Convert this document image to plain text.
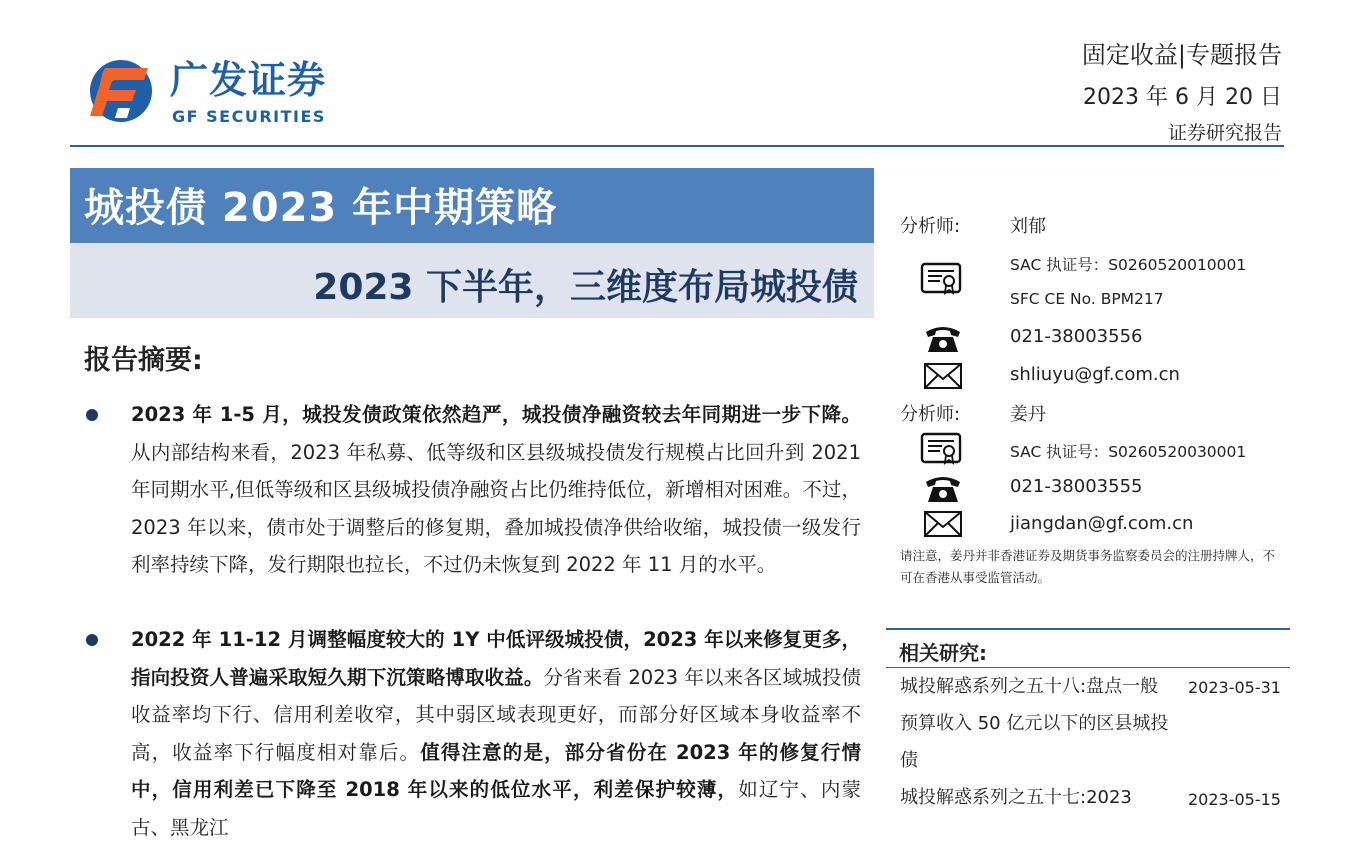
广发证券
GF SECURITIES
固定收益|专题报告
2023 年 6 月 20 日
证券研究报告
城投债 2023 年中期策略
2023 下半年，三维度布局城投债
报告摘要:
2023 年 1-5 月，城投发债政策依然趋严，城投债净融资较去年同期进一步下降。从内部结构来看，2023 年私募、低等级和区县级城投债发行规模占比回升到 2021 年同期水平,但低等级和区县级城投债净融资占比仍维持低位，新增相对困难。不过，2023 年以来，债市处于调整后的修复期，叠加城投债净供给收缩，城投债一级发行利率持续下降，发行期限也拉长，不过仍未恢复到 2022 年 11 月的水平。
2022 年 11-12 月调整幅度较大的 1Y 中低评级城投债，2023 年以来修复更多，指向投资人普遍采取短久期下沉策略博取收益。分省来看 2023 年以来各区域城投债收益率均下行、信用利差收窄，其中弱区域表现更好，而部分好区域本身收益率不高，收益率下行幅度相对靠后。值得注意的是，部分省份在 2023 年的修复行情中，信用利差已下降至 2018 年以来的低位水平，利差保护较薄，如辽宁、内蒙古、黑龙江
分析师:	刘郁
SAC 执证号：S0260520010001
SFC CE No. BPM217
021-38003556
shliuyu@gf.com.cn
分析师:	姜丹
SAC 执证号：S0260520030001
021-38003555
jiangdan@gf.com.cn
请注意，姜丹并非香港证券及期货事务监察委员会的注册持牌人，不可在香港从事受监管活动。
相关研究:
城投解惑系列之五十八:盘点一般预算收入 50 亿元以下的区县城投债
2023-05-31
城投解惑系列之五十七:2023	2023-05-15
